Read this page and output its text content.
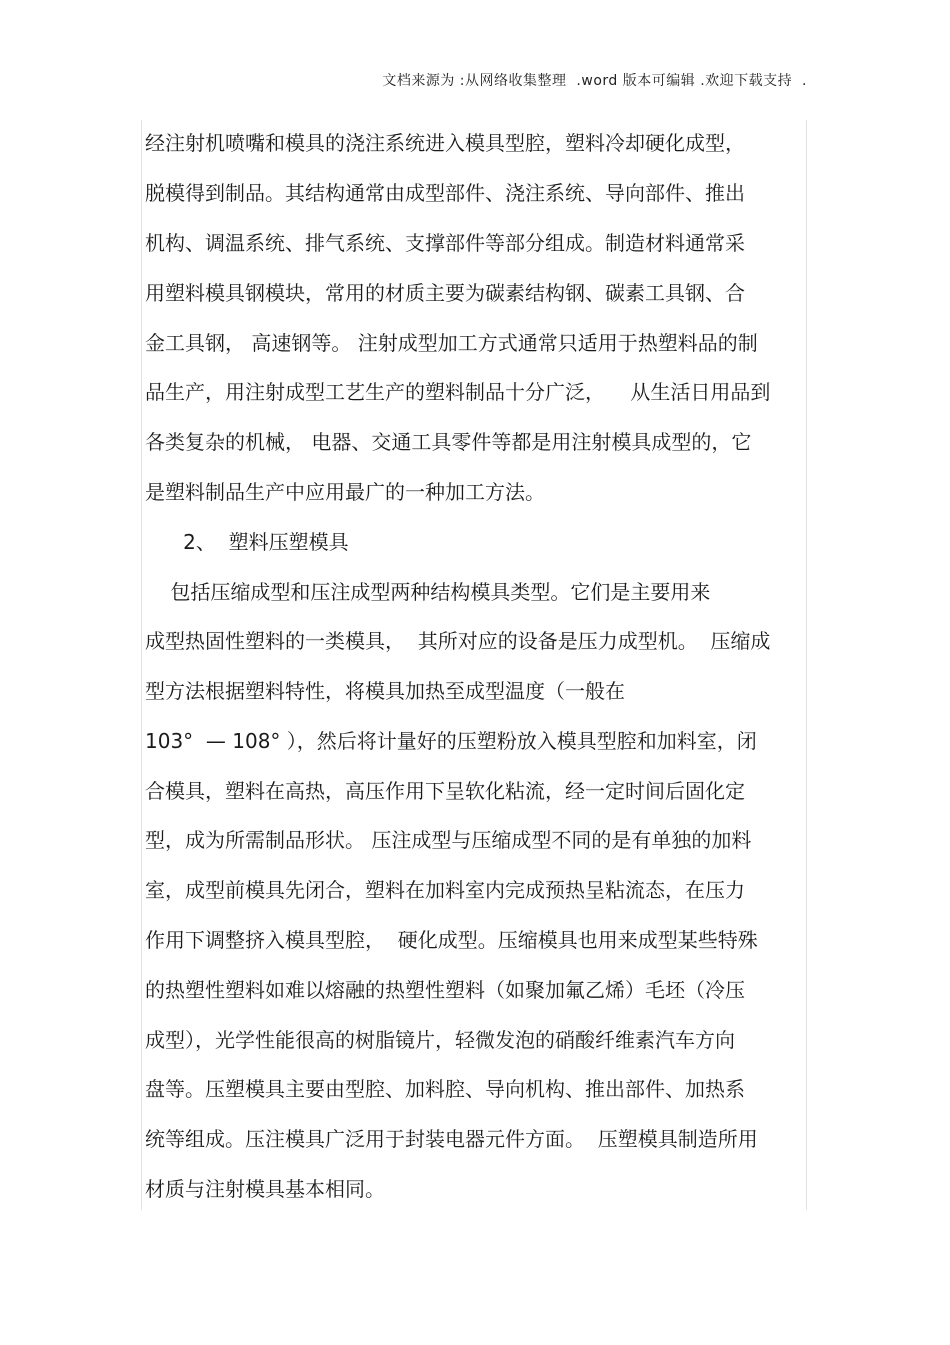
文档来源为 :从网络收集整理  .word 版本可编辑 .欢迎下载支持  .
经注射机喷嘴和模具的浇注系统进入模具型腔，塑料冷却硬化成型，
脱模得到制品。其结构通常由成型部件、浇注系统、导向部件、推出
机构、调温系统、排气系统、支撑部件等部分组成。制造材料通常采
用塑料模具钢模块，常用的材质主要为碳素结构钢、碳素工具钢、合
金工具钢， 高速钢等。 注射成型加工方式通常只适用于热塑料品的制
品生产，用注射成型工艺生产的塑料制品十分广泛，    从生活日用品到
各类复杂的机械， 电器、交通工具零件等都是用注射模具成型的，它
是塑料制品生产中应用最广的一种加工方法。
2、  塑料压塑模具
包括压缩成型和压注成型两种结构模具类型。它们是主要用来
成型热固性塑料的一类模具，  其所对应的设备是压力成型机。  压缩成
型方法根据塑料特性，将模具加热至成型温度（一般在
103°  — 108° ），然后将计量好的压塑粉放入模具型腔和加料室，闭
合模具，塑料在高热，高压作用下呈软化粘流，经一定时间后固化定
型，成为所需制品形状。 压注成型与压缩成型不同的是有单独的加料
室，成型前模具先闭合，塑料在加料室内完成预热呈粘流态，在压力
作用下调整挤入模具型腔，  硬化成型。压缩模具也用来成型某些特殊
的热塑性塑料如难以熔融的热塑性塑料（如聚加氟乙烯）毛坯（冷压
成型），光学性能很高的树脂镜片，轻微发泡的硝酸纤维素汽车方向
盘等。压塑模具主要由型腔、加料腔、导向机构、推出部件、加热系
统等组成。压注模具广泛用于封装电器元件方面。  压塑模具制造所用
材质与注射模具基本相同。
